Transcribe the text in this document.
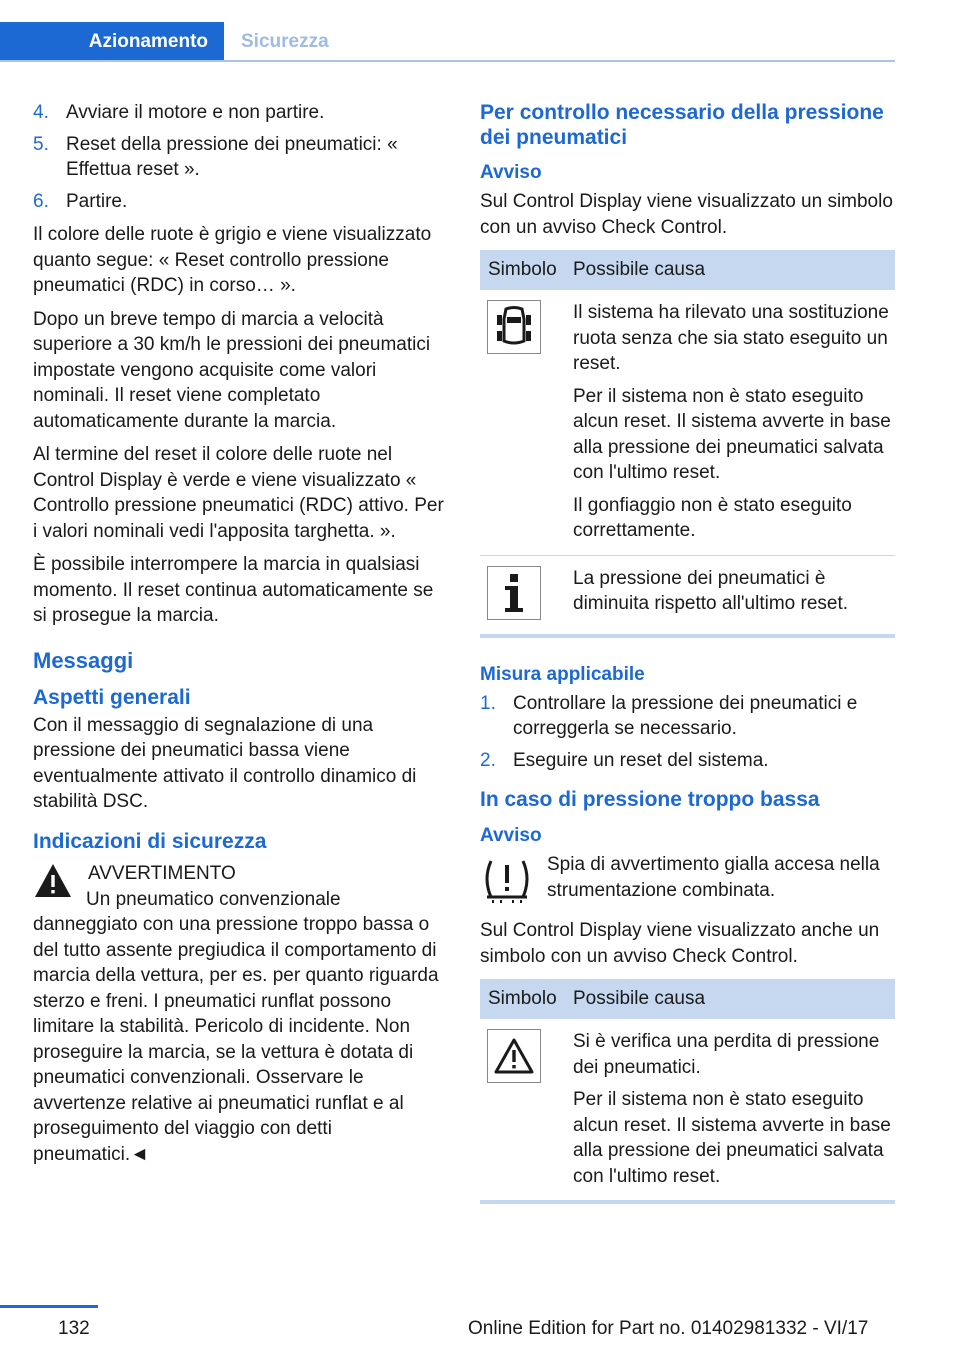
Azionamento	Sicurezza
4. Avviare il motore e non partire.
5. Reset della pressione dei pneumatici: « Effettua reset ».
6. Partire.

Il colore delle ruote è grigio e viene visualizzato quanto segue: « Reset controllo pressione pneumatici (RDC) in corso… ».

Dopo un breve tempo di marcia a velocità superiore a 30 km/h le pressioni dei pneumatici impostate vengono acquisite come valori nominali. Il reset viene completato automaticamente durante la marcia.

Al termine del reset il colore delle ruote nel Control Display è verde e viene visualizzato « Controllo pressione pneumatici (RDC) attivo. Per i valori nominali vedi l'apposita targhetta. ».

È possibile interrompere la marcia in qualsiasi momento. Il reset continua automaticamente se si prosegue la marcia.

Messaggi
Aspetti generali

Con il messaggio di segnalazione di una pressione dei pneumatici bassa viene eventualmente attivato il controllo dinamico di stabilità DSC.

Indicazioni di sicurezza
AVVERTIMENTO

Un pneumatico convenzionale danneggiato con una pressione troppo bassa o del tutto assente pregiudica il comportamento di marcia della vettura, per es. per quanto riguarda sterzo e freni. I pneumatici runflat possono limitare la stabilità. Pericolo di incidente. Non proseguire la marcia, se la vettura è dotata di pneumatici convenzionali. Osservare le avvertenze relative ai pneumatici runflat e al proseguimento del viaggio con detti pneumatici.◄

Per controllo necessario della pressione dei pneumatici
Avviso

Sul Control Display viene visualizzato un simbolo con un avviso Check Control.

Simbolo Possibile causa

Il sistema ha rilevato una sostituzione ruota senza che sia stato eseguito un reset.

Per il sistema non è stato eseguito alcun reset. Il sistema avverte in base alla pressione dei pneumatici salvata con l'ultimo reset.

Il gonfiaggio non è stato eseguito correttamente.

La pressione dei pneumatici è diminuita rispetto all'ultimo reset.

Misura applicabile
1. Controllare la pressione dei pneumatici e correggerla se necessario.
2. Eseguire un reset del sistema.
In caso di pressione troppo bassa
Avviso
Spia di avvertimento gialla accesa nella strumentazione combinata.

Sul Control Display viene visualizzato anche un simbolo con un avviso Check Control.

Simbolo Possibile causa

Si è verifica una perdita di pressione dei pneumatici.

Per il sistema non è stato eseguito alcun reset. Il sistema avverte in base alla pressione dei pneumatici salvata con l'ultimo reset.

132	Online Edition for Part no. 01402981332 - VI/17
